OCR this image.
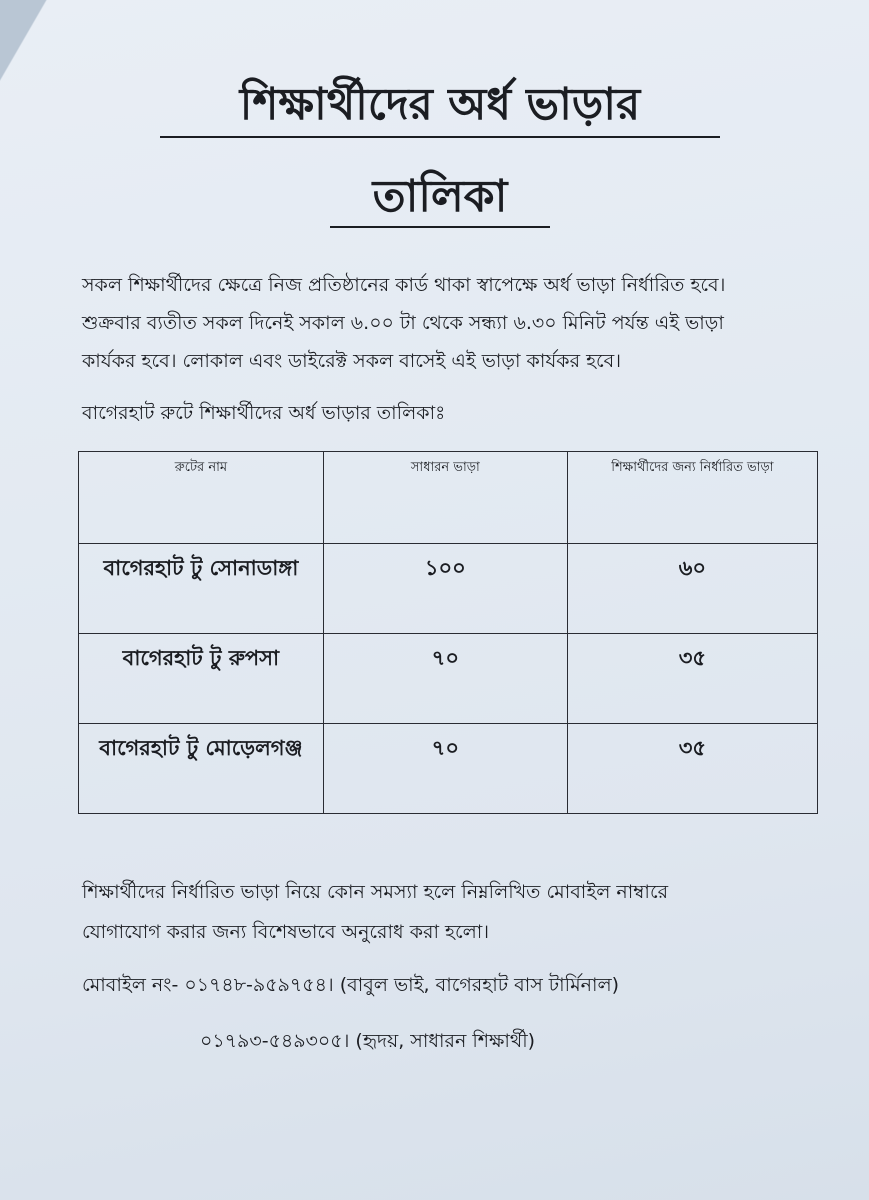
শিক্ষার্থীদের অর্ধ ভাড়ার
তালিকা
সকল শিক্ষার্থীদের ক্ষেত্রে নিজ প্রতিষ্ঠানের কার্ড থাকা স্বাপেক্ষে অর্ধ ভাড়া নির্ধারিত হবে।
শুক্রবার ব্যতীত সকল দিনেই সকাল ৬.০০ টা থেকে সন্ধ্যা ৬.৩০ মিনিট পর্যন্ত এই ভাড়া
কার্যকর হবে। লোকাল এবং ডাইরেক্ট সকল বাসেই এই ভাড়া কার্যকর হবে।
বাগেরহাট রুটে শিক্ষার্থীদের অর্ধ ভাড়ার তালিকাঃ
রুটের নাম	সাধারন ভাড়া	শিক্ষার্থীদের জন্য নির্ধারিত ভাড়া
বাগেরহাট টু সোনাডাঙ্গা	১০০	৬০
বাগেরহাট টু রুপসা	৭০	৩৫
বাগেরহাট টু মোড়েলগঞ্জ	৭০	৩৫
শিক্ষার্থীদের নির্ধারিত ভাড়া নিয়ে কোন সমস্যা হলে নিম্নলিখিত মোবাইল নাম্বারে
যোগাযোগ করার জন্য বিশেষভাবে অনুরোধ করা হলো।
মোবাইল নং- ০১৭৪৮-৯৫৯৭৫৪। (বাবুল ভাই, বাগেরহাট বাস টার্মিনাল)
০১৭৯৩-৫৪৯৩০৫। (হৃদয়, সাধারন শিক্ষার্থী)
